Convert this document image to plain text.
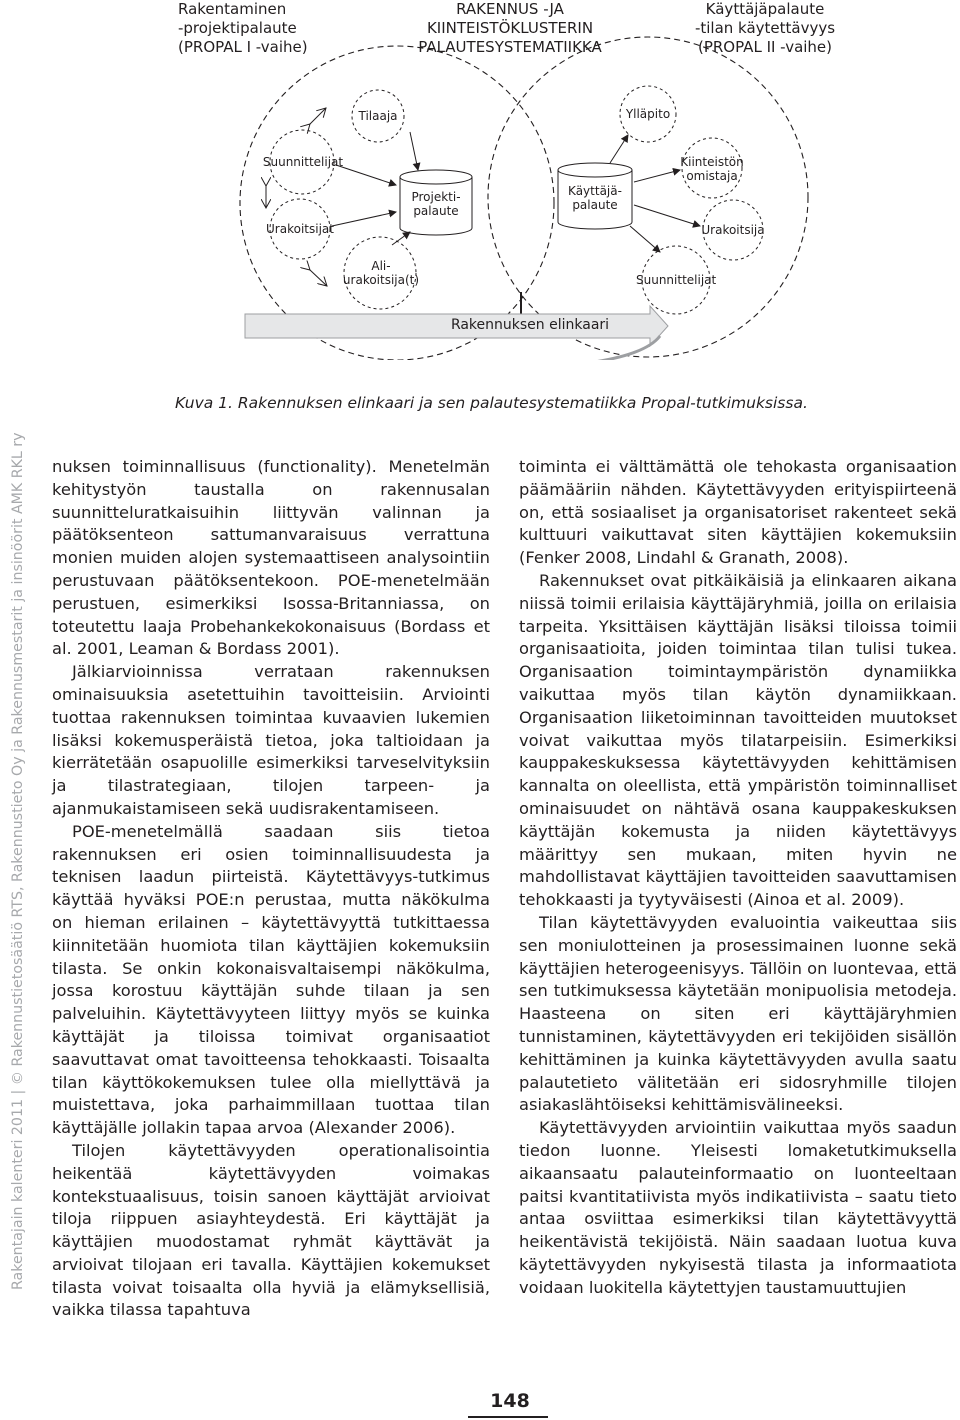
Rakentaminen
-projektipalaute
(PROPAL I -vaihe)
RAKENNUS -JA
KIINTEISTÖKLUSTERIN
PALAUTESYSTEMATIIKKA
Käyttäjäpalaute
-tilan käytettävyys
(PROPAL II -vaihe)
Tilaaja
Suunnittelijat
Urakoitsijat
Ali-
urakoitsija(t)
Projekti-
palaute
Ylläpito
Kiinteistön
omistaja
Urakoitsija
Suunnittelijat
Käyttäjä-
palaute
Rakennuksen elinkaari
Kuva 1. Rakennuksen elinkaari ja sen palautesystematiikka Propal-tutkimuksissa.

nuksen toiminnallisuus (functionality). Menetelmän kehitystyön taustalla on rakennusalan suunnitteluratkaisuihin liittyvän valinnan ja päätöksenteon sattumanvaraisuus verrattuna monien muiden alojen systemaattiseen analysointiin perustuvaan päätöksentekoon. POE-menetelmään perustuen, esimerkiksi Isossa-Britanniassa, on toteutettu laaja Probehankekokonaisuus (Bordass et al. 2001, Leaman & Bordass 2001).

Jälkiarvioinnissa verrataan rakennuksen ominaisuuksia asetettuihin tavoitteisiin. Arviointi tuottaa rakennuksen toimintaa kuvaavien lukemien lisäksi kokemusperäistä tietoa, joka taltioidaan ja kierrätetään osapuolille esimerkiksi tarveselvityksiin ja tilastrategiaan, tilojen tarpeen- ja ajanmukaistamiseen sekä uudisrakentamiseen.

POE-menetelmällä saadaan siis tietoa rakennuksen eri osien toiminnallisuudesta ja teknisen laadun piirteistä. Käytettävyys-tutkimus käyttää hyväksi POE:n perustaa, mutta näkökulma on hieman erilainen – käytettävyyttä tutkittaessa kiinnitetään huomiota tilan käyttäjien kokemuksiin tilasta. Se onkin kokonaisvaltaisempi näkökulma, jossa korostuu käyttäjän suhde tilaan ja sen palveluihin. Käytettävyyteen liittyy myös se kuinka käyttäjät ja tiloissa toimivat organisaatiot saavuttavat omat tavoitteensa tehokkaasti. Toisaalta tilan käyttökokemuksen tulee olla miellyttävä ja muistettava, joka parhaimmillaan tuottaa tilan käyttäjälle jollakin tapaa arvoa (Alexander 2006).

Tilojen käytettävyyden operationalisointia heikentää käytettävyyden voimakas kontekstuaalisuus, toisin sanoen käyttäjät arvioivat tiloja riippuen asiayhteydestä. Eri käyttäjät ja käyttäjien muodostamat ryhmät käyttävät ja arvioivat tilojaan eri tavalla. Käyttäjien kokemukset tilasta voivat toisaalta olla hyviä ja elämyksellisiä, vaikka tilassa tapahtuva

toiminta ei välttämättä ole tehokasta organisaation päämääriin nähden. Käytettävyyden erityispiirteenä on, että sosiaaliset ja organisatoriset rakenteet sekä kulttuuri vaikuttavat siten käyttäjien kokemuksiin (Fenker 2008, Lindahl & Granath, 2008).

Rakennukset ovat pitkäikäisiä ja elinkaaren aikana niissä toimii erilaisia käyttäjäryhmiä, joilla on erilaisia tarpeita. Yksittäisen käyttäjän lisäksi tiloissa toimii organisaatioita, joiden toimintaa tilan tulisi tukea. Organisaation toimintaympäristön dynamiikka vaikuttaa myös tilan käytön dynamiikkaan. Organisaation liiketoiminnan tavoitteiden muutokset voivat vaikuttaa myös tilatarpeisiin. Esimerkiksi kauppakeskuksessa käytettävyyden kehittämisen kannalta on oleellista, että ympäristön toiminnalliset ominaisuudet on nähtävä osana kauppakeskuksen käyttäjän kokemusta ja niiden käytettävyys määrittyy sen mukaan, miten hyvin ne mahdollistavat käyttäjien tavoitteiden saavuttamisen tehokkaasti ja tyytyväisesti (Ainoa et al. 2009).

Tilan käytettävyyden evaluointia vaikeuttaa siis sen moniulotteinen ja prosessimainen luonne sekä käyttäjien heterogeenisyys. Tällöin on luontevaa, että sen tutkimuksessa käytetään monipuolisia metodeja. Haasteena on siten eri käyttäjäryhmien tunnistaminen, käytettävyyden eri tekijöiden sisällön kehittäminen ja kuinka käytettävyyden avulla saatu palautetieto välitetään eri sidosryhmille tilojen asiakaslähtöiseksi kehittämisvälineeksi.

Käytettävyyden arviointiin vaikuttaa myös saadun tiedon luonne. Yleisesti lomaketutkimuksella aikaansaatu palauteinformaatio on luonteeltaan paitsi kvantitatiivista myös indikatiivista – saatu tieto antaa osviittaa esimerkiksi tilan käytettävyyttä heikentävistä tekijöistä. Näin saadaan luotua kuva käytettävyyden nykyisestä tilasta ja informaatiota voidaan luokitella käytettyjen taustamuuttujien

Rakentajain kalenteri 2011 | © Rakennustietosäätiö RTS, Rakennustieto Oy ja Rakennusmestarit ja insinöörit AMK RKL ry
148
